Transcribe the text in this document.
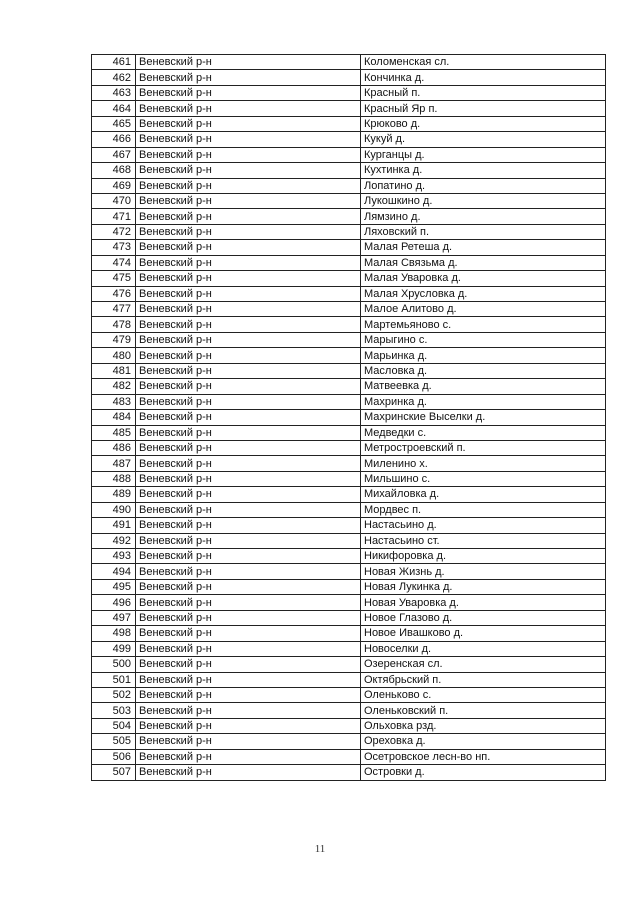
461	Веневский р-н	Коломенская сл.
462	Веневский р-н	Кончинка д.
463	Веневский р-н	Красный п.
464	Веневский р-н	Красный Яр п.
465	Веневский р-н	Крюково д.
466	Веневский р-н	Кукуй д.
467	Веневский р-н	Курганцы д.
468	Веневский р-н	Кухтинка д.
469	Веневский р-н	Лопатино д.
470	Веневский р-н	Лукошкино д.
471	Веневский р-н	Лямзино д.
472	Веневский р-н	Ляховский п.
473	Веневский р-н	Малая Ретеша д.
474	Веневский р-н	Малая Связьма д.
475	Веневский р-н	Малая Уваровка д.
476	Веневский р-н	Малая Хрусловка д.
477	Веневский р-н	Малое Алитово д.
478	Веневский р-н	Мартемьяново с.
479	Веневский р-н	Марыгино с.
480	Веневский р-н	Марьинка д.
481	Веневский р-н	Масловка д.
482	Веневский р-н	Матвеевка д.
483	Веневский р-н	Махринка д.
484	Веневский р-н	Махринские Выселки д.
485	Веневский р-н	Медведки с.
486	Веневский р-н	Метростроевский п.
487	Веневский р-н	Миленино х.
488	Веневский р-н	Мильшино с.
489	Веневский р-н	Михайловка д.
490	Веневский р-н	Мордвес п.
491	Веневский р-н	Настасьино д.
492	Веневский р-н	Настасьино ст.
493	Веневский р-н	Никифоровка д.
494	Веневский р-н	Новая Жизнь д.
495	Веневский р-н	Новая Лукинка д.
496	Веневский р-н	Новая Уваровка д.
497	Веневский р-н	Новое Глазово д.
498	Веневский р-н	Новое Ивашково д.
499	Веневский р-н	Новоселки д.
500	Веневский р-н	Озеренская сл.
501	Веневский р-н	Октябрьский п.
502	Веневский р-н	Оленьково с.
503	Веневский р-н	Оленьковский п.
504	Веневский р-н	Ольховка рзд.
505	Веневский р-н	Ореховка д.
506	Веневский р-н	Осетровское лесн-во нп.
507	Веневский р-н	Островки д.
11
